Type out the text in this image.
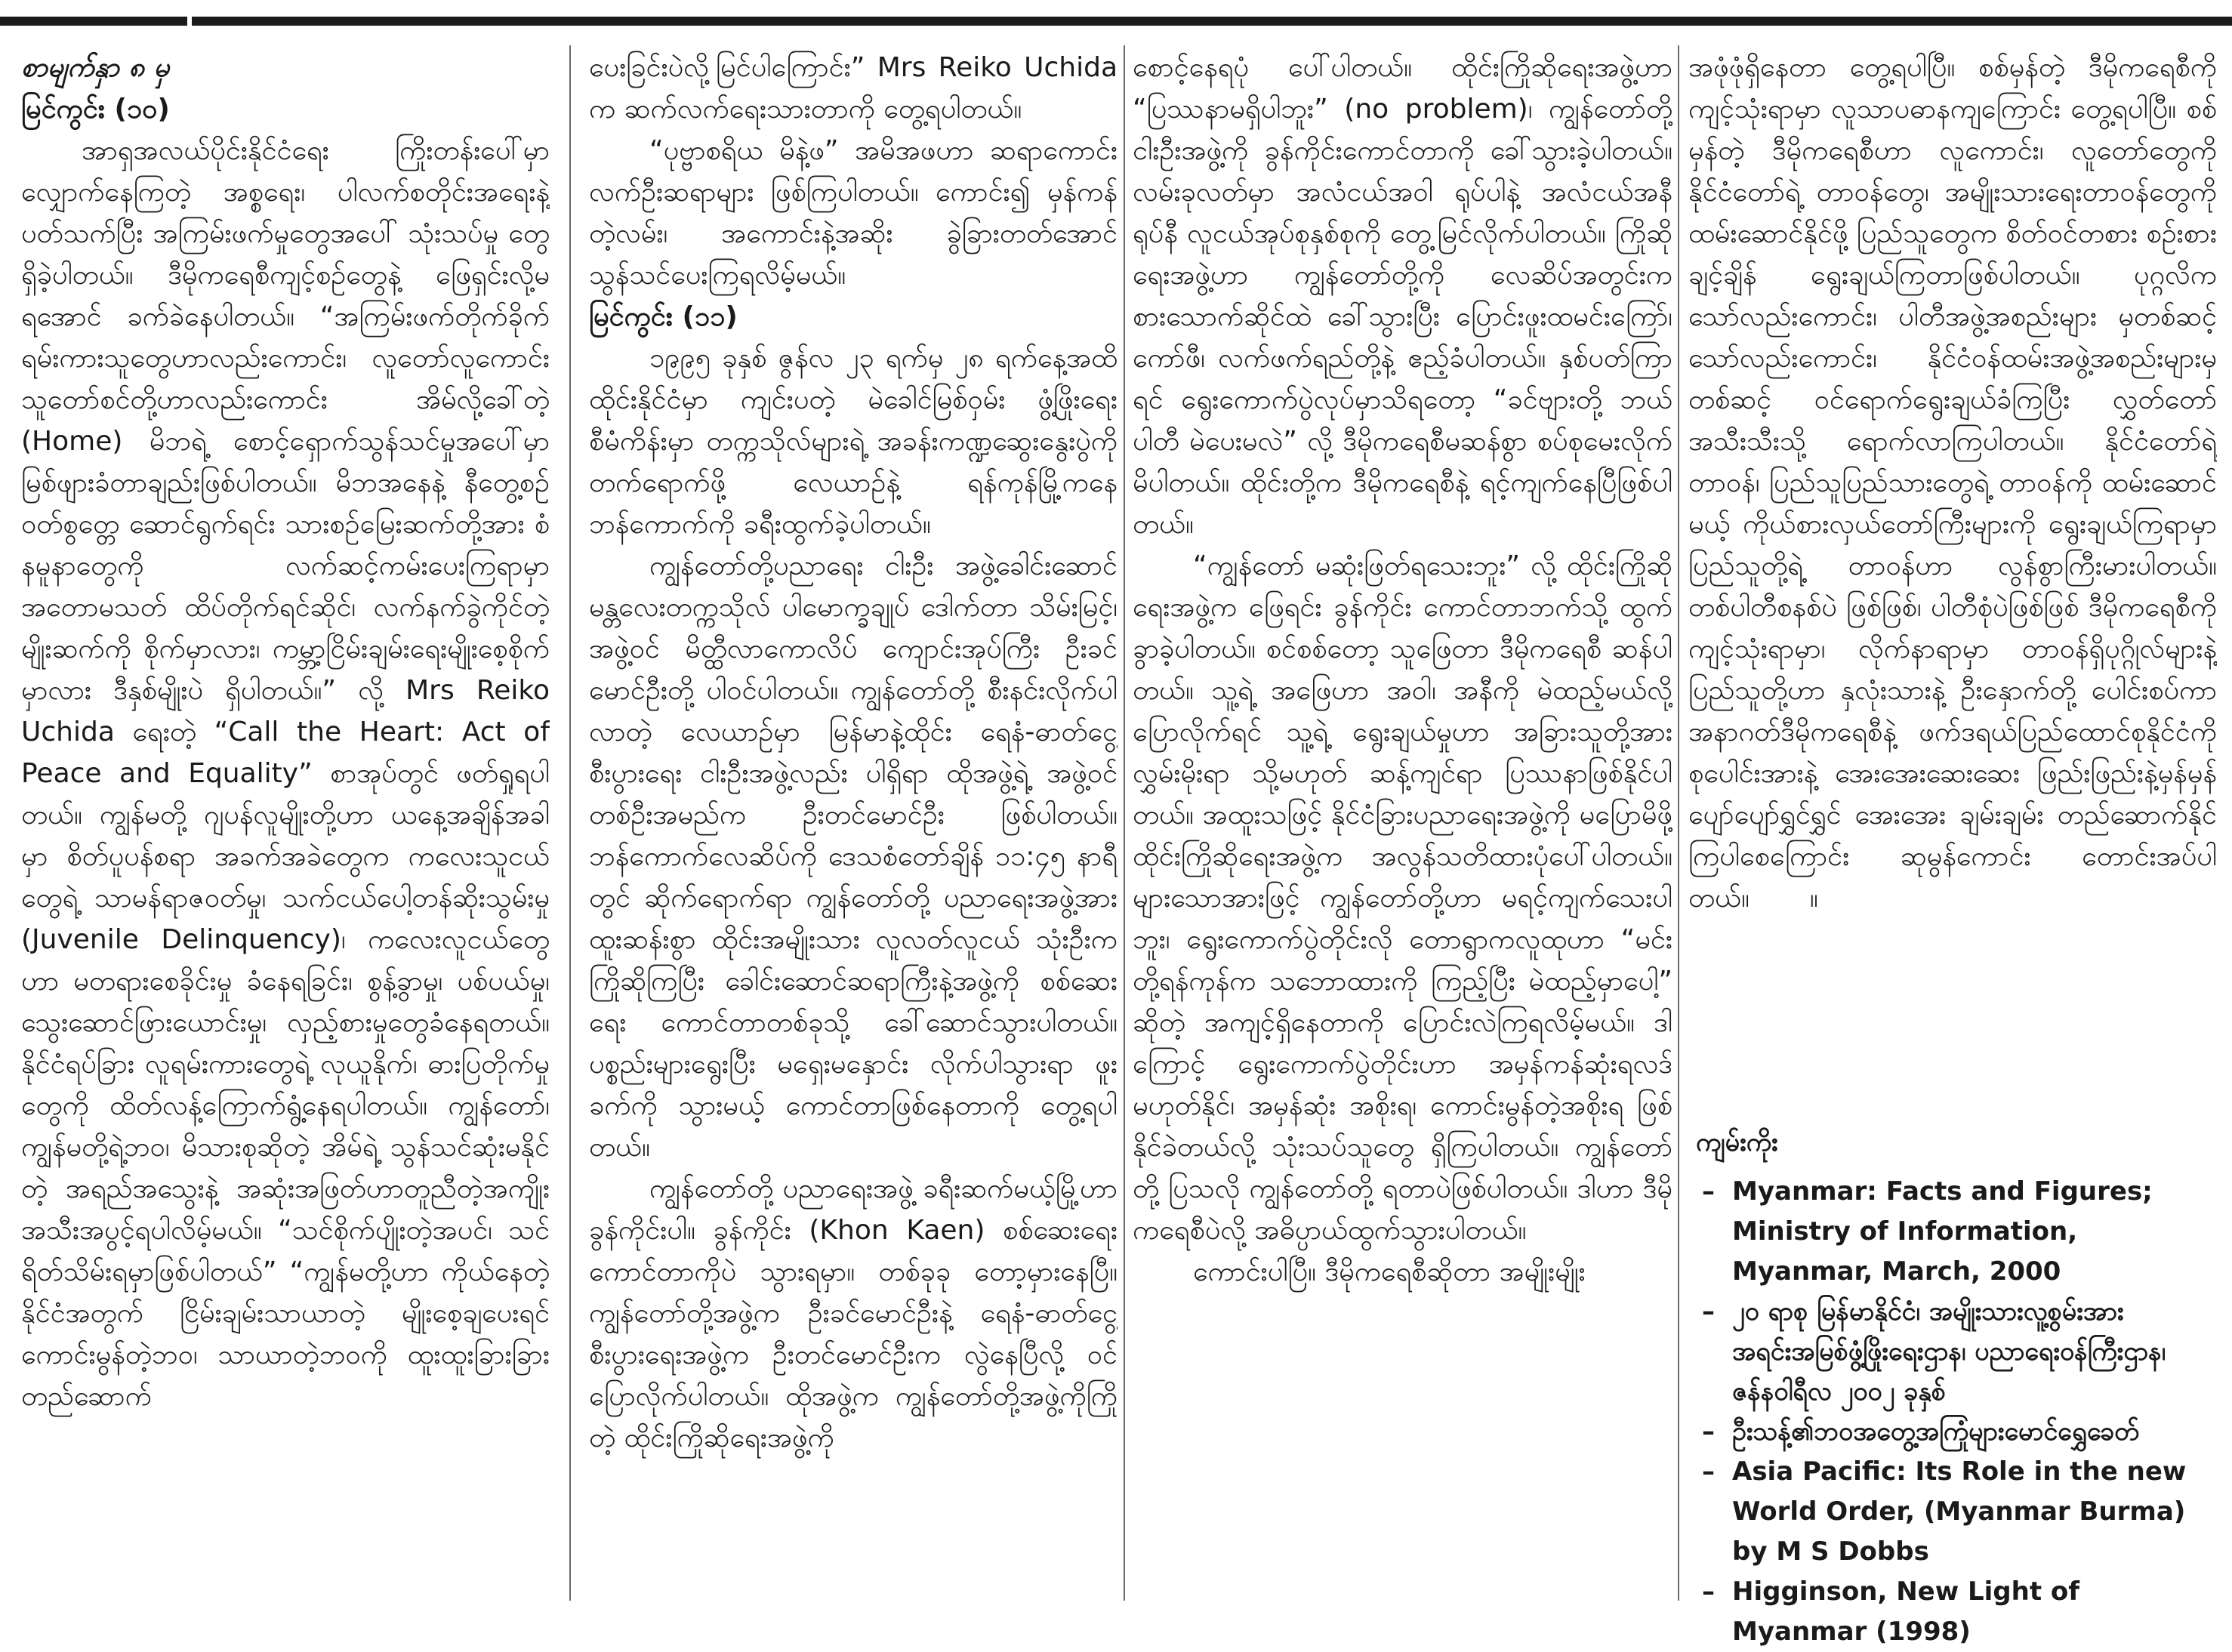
စာမျက်နှာ ၈ မှ

မြင်ကွင်း (၁၀)

အာရှအလယ်ပိုင်းနိုင်ငံရေး ကြိုးတန်းပေါ်မှာ လျှောက်နေကြတဲ့ အစ္စရေး၊ ပါလက်စတိုင်းအရေးနဲ့ ပတ်သက်ပြီး အကြမ်းဖက်မှုတွေအပေါ် သုံးသပ်မှု တွေရှိခဲ့ပါတယ်။ ဒီမိုကရေစီကျင့်စဉ်တွေနဲ့ ဖြေရှင်းလို့မရအောင် ခက်ခဲနေပါတယ်။ “အကြမ်းဖက်တိုက်ခိုက် ရမ်းကားသူတွေဟာလည်းကောင်း၊ လူတော်လူကောင်း သူတော်စင်တို့ဟာလည်းကောင်း အိမ်လို့ခေါ်တဲ့ (Home) မိဘရဲ့ စောင့်ရှောက်သွန်သင်မှုအပေါ်မှာ မြစ်ဖျားခံတာချည်းဖြစ်ပါတယ်။ မိဘအနေနဲ့ နီတွေ့စဉ်ဝတ်စွတ္တေ ဆောင်ရွက်ရင်း သားစဉ်မြေးဆက်တို့အား စံနမူနာတွေကို လက်ဆင့်ကမ်းပေးကြရာမှာ အတောမသတ် ထိပ်တိုက်ရင်ဆိုင်၊ လက်နက်ခွဲကိုင်တဲ့မျိုးဆက်ကို စိုက်မှာလား၊ ကမ္ဘာ့ငြိမ်းချမ်းရေးမျိုးစေ့စိုက်မှာလား ဒီနှစ်မျိုးပဲ ရှိပါတယ်။” လို့ Mrs Reiko Uchida ရေးတဲ့ “Call the Heart: Act of Peace and Equality” စာအုပ်တွင် ဖတ်ရှုရပါတယ်။ ကျွန်မတို့ ဂျပန်လူမျိုးတို့ဟာ ယနေ့အချိန်အခါမှာ စိတ်ပူပန်စရာ အခက်အခဲတွေက ကလေးသူငယ်တွေရဲ့ သာမန်ရာဇဝတ်မှု၊ သက်ငယ်ပေါ့တန်ဆိုးသွမ်းမှု (Juvenile Delinquency)၊ ကလေးလူငယ်တွေဟာ မတရားစေခိုင်းမှု ခံနေရခြင်း၊ စွန့်ခွာမှု၊ ပစ်ပယ်မှု၊ သွေးဆောင်ဖြားယောင်းမှု၊ လှည့်စားမှုတွေခံနေရတယ်။ နိုင်ငံရပ်ခြား လူရမ်းကားတွေရဲ့ လုယူနိုက်၊ ဓားပြတိုက်မှုတွေကို ထိတ်လန့်ကြောက်ရွံ့နေရပါတယ်။ ကျွန်တော်၊ ကျွန်မတို့ရဲ့ဘဝ၊ မိသားစုဆိုတဲ့ အိမ်ရဲ့ သွန်သင်ဆုံးမနိုင်တဲ့ အရည်အသွေးနဲ့ အဆုံးအဖြတ်ဟာတူညီတဲ့အကျိုး အသီးအပွင့်ရပါလိမ့်မယ်။ “သင်စိုက်ပျိုးတဲ့အပင်၊ သင်ရိတ်သိမ်းရမှာဖြစ်ပါတယ်” “ကျွန်မတို့ဟာ ကိုယ်နေတဲ့ နိုင်ငံအတွက် ငြိမ်းချမ်းသာယာတဲ့ မျိုးစေ့ချပေးရင် ကောင်းမွန်တဲ့ဘဝ၊ သာယာတဲ့ဘဝကို ထူးထူးခြားခြား တည်ဆောက်

ပေးခြင်းပဲလို့မြင်ပါကြောင်း” Mrs Reiko Uchida က ဆက်လက်ရေးသားတာကို တွေ့ရပါတယ်။

“ပုဗ္ဗာစရိယ မိနဲ့ဖ” အမိအဖဟာ ဆရာကောင်း လက်ဦးဆရာများ ဖြစ်ကြပါတယ်။ ကောင်း၍ မှန်ကန်တဲ့လမ်း၊ အကောင်းနဲ့အဆိုး ခွဲခြားတတ်အောင် သွန်သင်ပေးကြရလိမ့်မယ်။

မြင်ကွင်း (၁၁)

၁၉၉၅ ခုနှစ် ဇွန်လ ၂၃ ရက်မှ ၂၈ ရက်နေ့အထိ ထိုင်းနိုင်ငံမှာ ကျင်းပတဲ့ မဲခေါင်မြစ်ဝှမ်း ဖွံ့ဖြိုးရေး စီမံကိန်းမှာ တက္ကသိုလ်များရဲ့ အခန်းကဏ္ဍဆွေးနွေးပွဲကို တက်ရောက်ဖို့ လေယာဉ်နဲ့ ရန်ကုန်မြို့ကနေ ဘန်ကောက်ကို ခရီးထွက်ခဲ့ပါတယ်။

ကျွန်တော်တို့ပညာရေး ငါးဦး အဖွဲ့ခေါင်းဆောင် မန္တလေးတက္ကသိုလ် ပါမောက္ခချုပ် ဒေါက်တာ သိမ်းမြင့်၊ အဖွဲ့ဝင် မိတ္ထီလာကောလိပ် ကျောင်းအုပ်ကြီး ဦးခင်မောင်ဦးတို့ ပါဝင်ပါတယ်။ ကျွန်တော်တို့ စီးနင်းလိုက်ပါလာတဲ့ လေယာဉ်မှာ မြန်မာနဲ့ထိုင်း ရေနံ-ဓာတ်ငွေ့ စီးပွားရေး ငါးဦးအဖွဲ့လည်း ပါရှိရာ ထိုအဖွဲ့ရဲ့ အဖွဲ့ဝင်တစ်ဦးအမည်က ဦးတင်မောင်ဦး ဖြစ်ပါတယ်။ ဘန်ကောက်လေဆိပ်ကို ဒေသစံတော်ချိန် ၁၁:၄၅ နာရီတွင် ဆိုက်ရောက်ရာ ကျွန်တော်တို့ ပညာရေးအဖွဲ့အား ထူးဆန်းစွာ ထိုင်းအမျိုးသား လူလတ်လူငယ် သုံးဦးက ကြိုဆိုကြပြီး ခေါင်းဆောင်ဆရာကြီးနဲ့အဖွဲ့ကို စစ်ဆေးရေး ကောင်တာတစ်ခုသို့ ခေါ်ဆောင်သွားပါတယ်။ ပစ္စည်းများရွေးပြီး မရှေးမနှောင်း လိုက်ပါသွားရာ ဖူးခက်ကို သွားမယ့် ကောင်တာဖြစ်နေတာကို တွေ့ရပါတယ်။

ကျွန်တော်တို့ ပညာရေးအဖွဲ့ ခရီးဆက်မယ့်မြို့ဟာ ခွန်ကိုင်းပါ။ ခွန်ကိုင်း (Khon Kaen) စစ်ဆေးရေးကောင်တာကိုပဲ သွားရမှာ။ တစ်ခုခု တော့မှားနေပြီ။ ကျွန်တော်တို့အဖွဲ့က ဦးခင်မောင်ဦးနဲ့ ရေနံ-ဓာတ်ငွေ့ စီးပွားရေးအဖွဲ့က ဦးတင်မောင်ဦးက လွဲနေပြီလို့ ဝင်ပြောလိုက်ပါတယ်။ ထိုအဖွဲ့က ကျွန်တော်တို့အဖွဲ့ကိုကြိုတဲ့ ထိုင်းကြိုဆိုရေးအဖွဲ့ကို

စောင့်နေရပုံ ပေါ်ပါတယ်။ ထိုင်းကြိုဆိုရေးအဖွဲ့ဟာ “ပြဿနာမရှိပါဘူး” (no problem)၊ ကျွန်တော်တို့ ငါးဦးအဖွဲ့ကို ခွန်ကိုင်းကောင်တာကို ခေါ်သွားခဲ့ပါတယ်။ လမ်းခုလတ်မှာ အလံငယ်အဝါ ရုပ်ပါနဲ့ အလံငယ်အနီ ရုပ်နီ လူငယ်အုပ်စုနှစ်စုကို တွေ့မြင်လိုက်ပါတယ်။ ကြိုဆိုရေးအဖွဲ့ဟာ ကျွန်တော်တို့ကို လေဆိပ်အတွင်းက စားသောက်ဆိုင်ထဲ ခေါ်သွားပြီး ပြောင်းဖူးထမင်းကြော်၊ ကော်ဖီ၊ လက်ဖက်ရည်တို့နဲ့ ဧည့်ခံပါတယ်။ နှစ်ပတ်ကြာရင် ရွေးကောက်ပွဲလုပ်မှာသိရတော့ “ခင်ဗျားတို့ ဘယ်ပါတီ မဲပေးမလဲ” လို့ ဒီမိုကရေစီမဆန်စွာ စပ်စုမေးလိုက်မိပါတယ်။ ထိုင်းတို့က ဒီမိုကရေစီနဲ့ ရင့်ကျက်နေပြီဖြစ်ပါတယ်။

“ကျွန်တော် မဆုံးဖြတ်ရသေးဘူး” လို့ ထိုင်းကြိုဆိုရေးအဖွဲ့က ဖြေရင်း ခွန်ကိုင်း ကောင်တာဘက်သို့ ထွက်ခွာခဲ့ပါတယ်။ စင်စစ်တော့ သူဖြေတာ ဒီမိုကရေစီ ဆန်ပါတယ်။ သူ့ရဲ့ အဖြေဟာ အဝါ၊ အနီကို မဲထည့်မယ်လို့ ပြောလိုက်ရင် သူ့ရဲ့ ရွေးချယ်မှုဟာ အခြားသူတို့အား လွှမ်းမိုးရာ သို့မဟုတ် ဆန့်ကျင်ရာ ပြဿနာဖြစ်နိုင်ပါတယ်။ အထူးသဖြင့် နိုင်ငံခြားပညာရေးအဖွဲ့ကို မပြောမိဖို့ ထိုင်းကြိုဆိုရေးအဖွဲ့က အလွန်သတိထားပုံပေါ်ပါတယ်။ များသောအားဖြင့် ကျွန်တော်တို့ဟာ မရင့်ကျက်သေးပါဘူး၊ ရွေးကောက်ပွဲတိုင်းလို တောရွာကလူထုဟာ “မင်းတို့ရန်ကုန်က သဘောထားကို ကြည့်ပြီး မဲထည့်မှာပေါ့” ဆိုတဲ့ အကျင့်ရှိနေတာကို ပြောင်းလဲကြရလိမ့်မယ်။ ဒါကြောင့် ရွေးကောက်ပွဲတိုင်းဟာ အမှန်ကန်ဆုံးရလဒ်မဟုတ်နိုင်၊ အမှန်ဆုံး အစိုးရ၊ ကောင်းမွန်တဲ့အစိုးရ ဖြစ်နိုင်ခဲတယ်လို့ သုံးသပ်သူတွေ ရှိကြပါတယ်။ ကျွန်တော်တို့ ပြသလို ကျွန်တော်တို့ ရတာပဲဖြစ်ပါတယ်။ ဒါဟာ ဒီမိုကရေစီပဲလို့ အဓိပ္ပာယ်ထွက်သွားပါတယ်။

ကောင်းပါပြီ။ ဒီမိုကရေစီဆိုတာ အမျိုးမျိုး

အဖုံဖုံရှိနေတာ တွေ့ရပါပြီ။ စစ်မှန်တဲ့ ဒီမိုကရေစီကို ကျင့်သုံးရာမှာ လူသာပဓာနကျကြောင်း တွေ့ရပါပြီ။ စစ်မှန်တဲ့ ဒီမိုကရေစီဟာ လူကောင်း၊ လူတော်တွေကို နိုင်ငံတော်ရဲ့ တာဝန်တွေ၊ အမျိုးသားရေးတာဝန်တွေကိုထမ်းဆောင်နိုင်ဖို့ ပြည်သူတွေက စိတ်ဝင်တစား စဉ်းစားချင့်ချိန် ရွေးချယ်ကြတာဖြစ်ပါတယ်။ ပုဂ္ဂလိကသော်လည်းကောင်း၊ ပါတီအဖွဲ့အစည်းများ မှတစ်ဆင့်သော်လည်းကောင်း၊ နိုင်ငံဝန်ထမ်းအဖွဲ့အစည်းများမှတစ်ဆင့် ဝင်ရောက်ရွေးချယ်ခံကြပြီး လွှတ်တော်အသီးသီးသို့ ရောက်လာကြပါတယ်။ နိုင်ငံတော်ရဲ့ တာဝန်၊ ပြည်သူပြည်သားတွေရဲ့ တာဝန်ကို ထမ်းဆောင်မယ့် ကိုယ်စားလှယ်တော်ကြီးများကို ရွေးချယ်ကြရာမှာ ပြည်သူတို့ရဲ့ တာဝန်ဟာ လွန်စွာကြီးမားပါတယ်။ တစ်ပါတီစနစ်ပဲ ဖြစ်ဖြစ်၊ ပါတီစုံပဲဖြစ်ဖြစ် ဒီမိုကရေစီကို ကျင့်သုံးရာမှာ၊ လိုက်နာရာမှာ တာဝန်ရှိပုဂ္ဂိုလ်များနဲ့ ပြည်သူတို့ဟာ နှလုံးသားနဲ့ ဦးနှောက်တို့ ပေါင်းစပ်ကာ အနာဂတ်ဒီမိုကရေစီနဲ့ ဖက်ဒရယ်ပြည်ထောင်စုနိုင်ငံကို စုပေါင်းအားနဲ့ အေးအေးဆေးဆေး ဖြည်းဖြည်းနဲ့မှန်မှန် ပျော်ပျော်ရွှင်ရွှင် အေးအေး ချမ်းချမ်း တည်ဆောက်နိုင်ကြပါစေကြောင်း ဆုမွန်ကောင်း တောင်းအပ်ပါတယ်။ ။

ကျမ်းကိုး
– Myanmar: Facts and Figures; Ministry of Information, Myanmar, March, 2000
– ၂၀ ရာစု မြန်မာနိုင်ငံ၊ အမျိုးသားလူ့စွမ်းအား အရင်းအမြစ်ဖွံ့ဖြိုးရေးဌာန၊ ပညာရေးဝန်ကြီးဌာန၊ ဇန်နဝါရီလ ၂၀၀၂ ခုနှစ်
– ဦးသန့်၏ဘဝအတွေ့အကြုံများမောင်ရွှေခေတ်
– Asia Pacific: Its Role in the new World Order, (Myanmar Burma) by M S Dobbs
– Higginson, New Light of Myanmar (1998)
